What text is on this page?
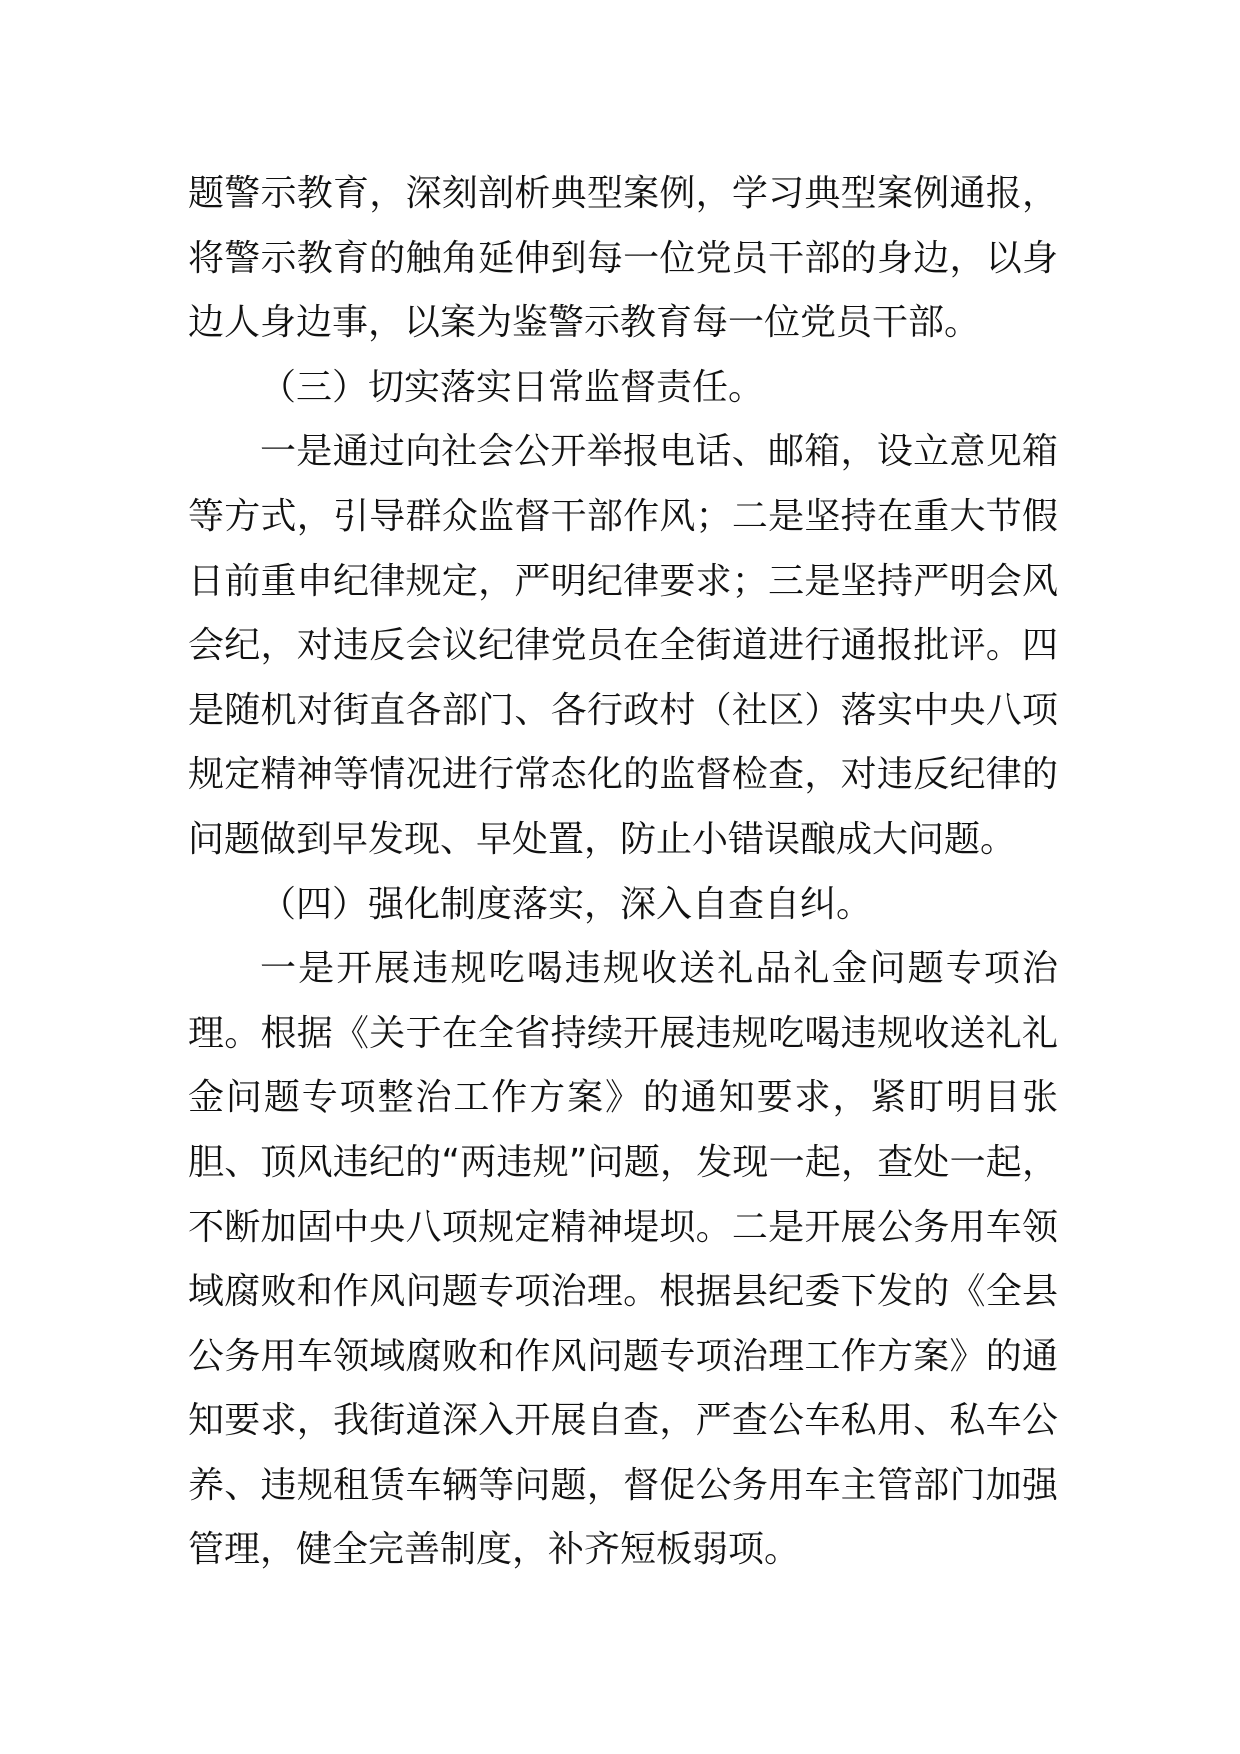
题警示教育，深刻剖析典型案例，学习典型案例通报，将警示教育的触角延伸到每一位党员干部的身边，以身边人身边事，以案为鉴警示教育每一位党员干部。

（三）切实落实日常监督责任。

一是通过向社会公开举报电话、邮箱，设立意见箱等方式，引导群众监督干部作风；二是坚持在重大节假日前重申纪律规定，严明纪律要求；三是坚持严明会风会纪，对违反会议纪律党员在全街道进行通报批评。四是随机对街直各部门、各行政村（社区）落实中央八项规定精神等情况进行常态化的监督检查，对违反纪律的问题做到早发现、早处置，防止小错误酿成大问题。

（四）强化制度落实，深入自查自纠。

一是开展违规吃喝违规收送礼品礼金问题专项治理。根据《关于在全省持续开展违规吃喝违规收送礼礼金问题专项整治工作方案》的通知要求，紧盯明目张胆、顶风违纪的“两违规”问题，发现一起，查处一起，不断加固中央八项规定精神堤坝。二是开展公务用车领域腐败和作风问题专项治理。根据县纪委下发的《全县公务用车领域腐败和作风问题专项治理工作方案》的通知要求，我街道深入开展自查，严查公车私用、私车公养、违规租赁车辆等问题，督促公务用车主管部门加强管理，健全完善制度，补齐短板弱项。
